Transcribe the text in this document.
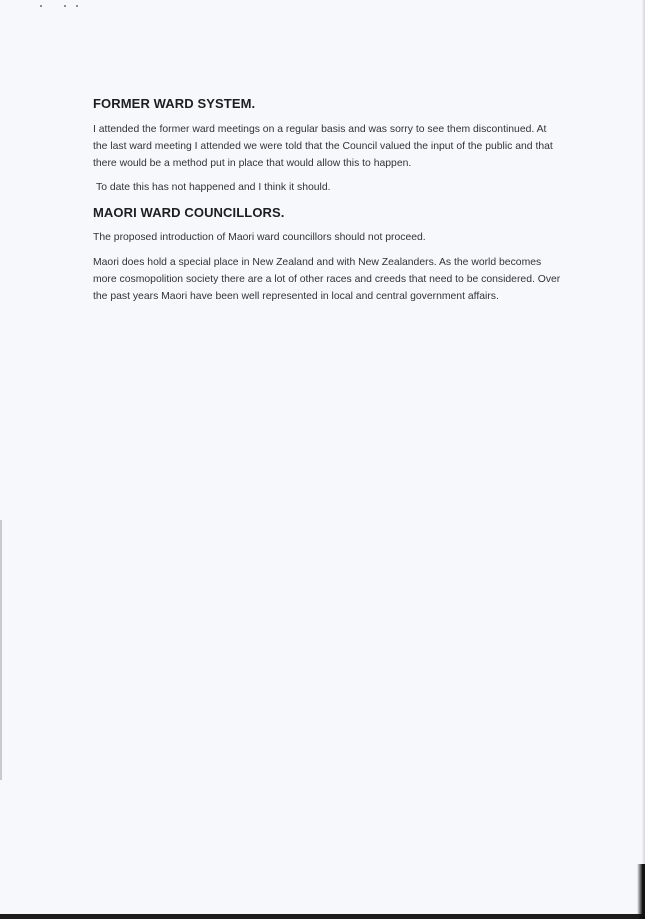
FORMER WARD SYSTEM.

I attended the former ward meetings on a regular basis and was sorry to see them discontinued. At the last ward meeting I attended we were told that the Council valued the input of the public and that there would be a method put in place that would allow this to happen.

To date this has not happened and I think it should.

MAORI WARD COUNCILLORS.

The proposed introduction of Maori ward councillors should not proceed.

Maori does hold a special place in New Zealand and with New Zealanders. As the world becomes more cosmopolition society there are a lot of other races and creeds that need to be considered. Over the past years Maori have been well represented in local and central government affairs.
